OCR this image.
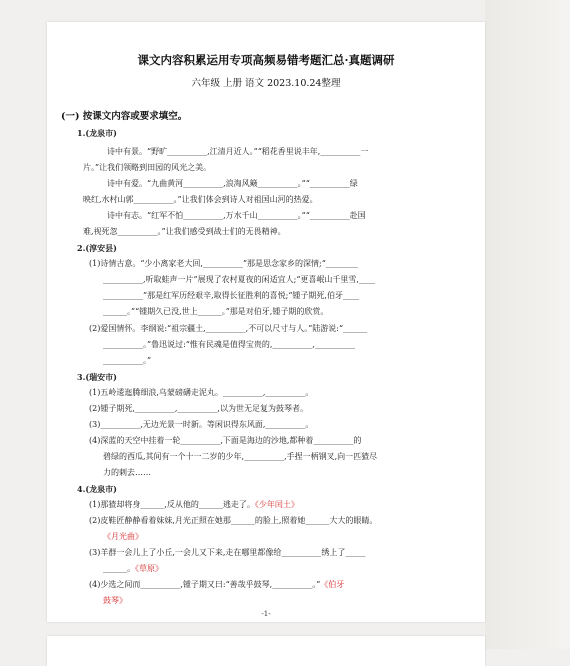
课文内容积累运用专项高频易错考题汇总·真题调研
六年级 上册 语文 2023.10.24整理
(一) 按课文内容或要求填空。
1.(龙泉市)
诗中有景。“野旷__________,江清月近人。”“稻花香里说丰年,__________一
片。”让我们领略到田园的风光之美。
诗中有爱。“九曲黄河__________,浪淘风簸__________。”“__________绿
映红,水村山郭__________。”让我们体会到诗人对祖国山河的热爱。
诗中有志。“红军不怕__________,万水千山__________。”“__________赴国
难,视死忽__________。”让我们感受到战士们的无畏精神。
2.(淳安县)
(1)诗情古意。“少小离家老大回,__________”那是思念家乡的深情;“________
__________,听取蛙声一片”展现了农村夏夜的闲适宜人;“更喜岷山千里雪,____
__________”那是红军历经艰辛,取得长征胜利的喜悦;“锺子期死,伯牙____
______。”“锺期久已没,世上______。”那是对伯牙,锺子期的欣赏。
(2)爱国情怀。李纲说:“祖宗疆土,__________,不可以尺寸与人。”陆游说:“______
__________。”鲁迅说过:“惟有民魂是值得宝贵的,__________,__________
__________。”
3.(瑞安市)
(1)五岭逶迤腾细浪,乌蒙磅礴走泥丸。__________,__________。
(2)锺子期死,__________,__________,以为世无足复为鼓琴者。
(3)__________,无边光景一时新。等闲识得东风面,__________。
(4)深蓝的天空中挂着一轮__________,下面是海边的沙地,都种着__________的
碧绿的西瓜,其间有一个十一二岁的少年,__________,手捏一柄钢叉,向一匹猹尽
力的刺去……
4.(龙泉市)
(1)那猹却将身______,反从他的______逃走了。《少年闰土》
(2)皮鞋匠静静看着妹妹,月光正照在她那______的脸上,照着她______大大的眼睛。
《月光曲》
(3)羊群一会儿上了小丘,一会儿又下来,走在哪里都像给__________绣上了_____
______。《草原》
(4)少选之间而__________,锺子期又曰:“善哉乎鼓琴,__________。”《伯牙
鼓琴》
-1-
